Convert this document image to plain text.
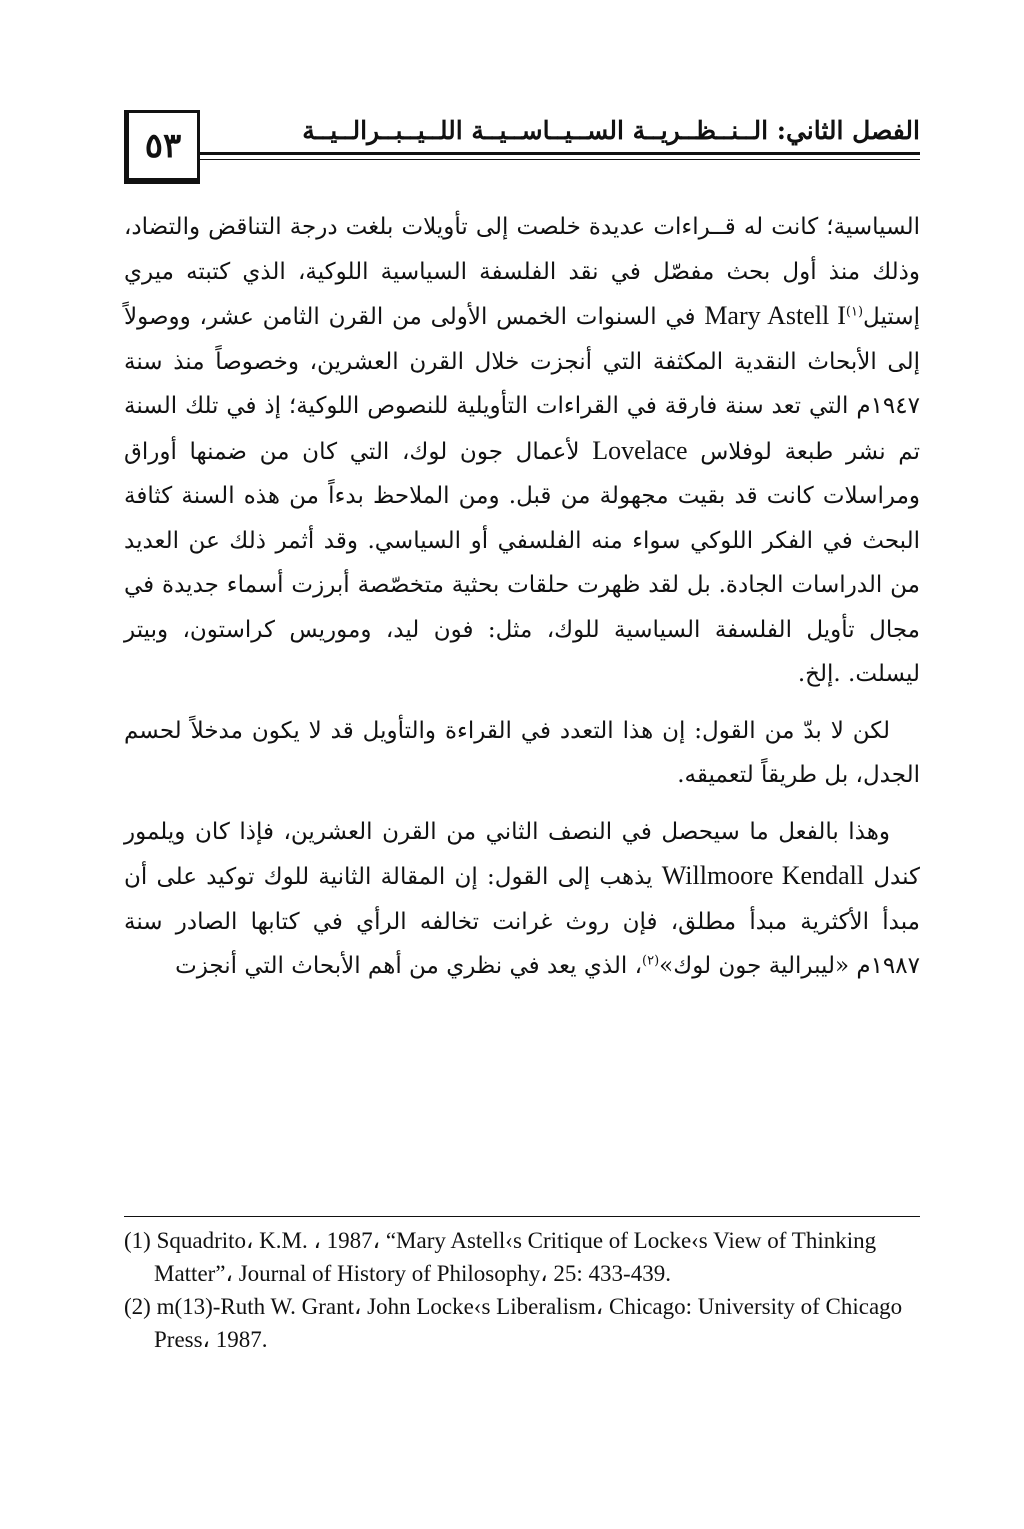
٥٣	الفصل الثاني: الــنــظــريــة الســيــاســيــة اللــيــبــرالــيــة

السياسية؛ كانت له قــراءات عديدة خلصت إلى تأويلات بلغت درجة التناقض والتضاد، وذلك منذ أول بحث مفصّل في نقد الفلسفة السياسية اللوكية، الذي كتبته ميري إستيل$^{(١)}$Mary Astell I في السنوات الخمس الأولى من القرن الثامن عشر، ووصولاً إلى الأبحاث النقدية المكثفة التي أنجزت خلال القرن العشرين، وخصوصاً منذ سنة ١٩٤٧م التي تعد سنة فارقة في القراءات التأويلية للنصوص اللوكية؛ إذ في تلك السنة تم نشر طبعة لوفلاس Lovelace لأعمال جون لوك، التي كان من ضمنها أوراق ومراسلات كانت قد بقيت مجهولة من قبل. ومن الملاحظ بدءاً من هذه السنة كثافة البحث في الفكر اللوكي سواء منه الفلسفي أو السياسي. وقد أثمر ذلك عن العديد من الدراسات الجادة. بل لقد ظهرت حلقات بحثية متخصّصة أبرزت أسماء جديدة في مجال تأويل الفلسفة السياسية للوك، مثل: فون ليد، وموريس كراستون، وبيتر ليسلت. .إلخ.

لكن لا بدّ من القول: إن هذا التعدد في القراءة والتأويل قد لا يكون مدخلاً لحسم الجدل، بل طريقاً لتعميقه.

وهذا بالفعل ما سيحصل في النصف الثاني من القرن العشرين، فإذا كان ويلمور كندل Willmoore Kendall يذهب إلى القول: إن المقالة الثانية للوك توكيد على أن مبدأ الأكثرية مبدأ مطلق، فإن روث غرانت تخالفه الرأي في كتابها الصادر سنة ١٩٨٧م «ليبرالية جون لوك»$^{(٢)}$، الذي يعد في نظري من أهم الأبحاث التي أنجزت

(1) Squadrito، K.M. ، 1987، “Mary Astell‹s Critique of Locke‹s View of Thinking Matter”، Journal of History of Philosophy، 25: 433-439.

(2) m(13)-Ruth W. Grant، John Locke‹s Liberalism، Chicago: University of Chicago Press، 1987.
